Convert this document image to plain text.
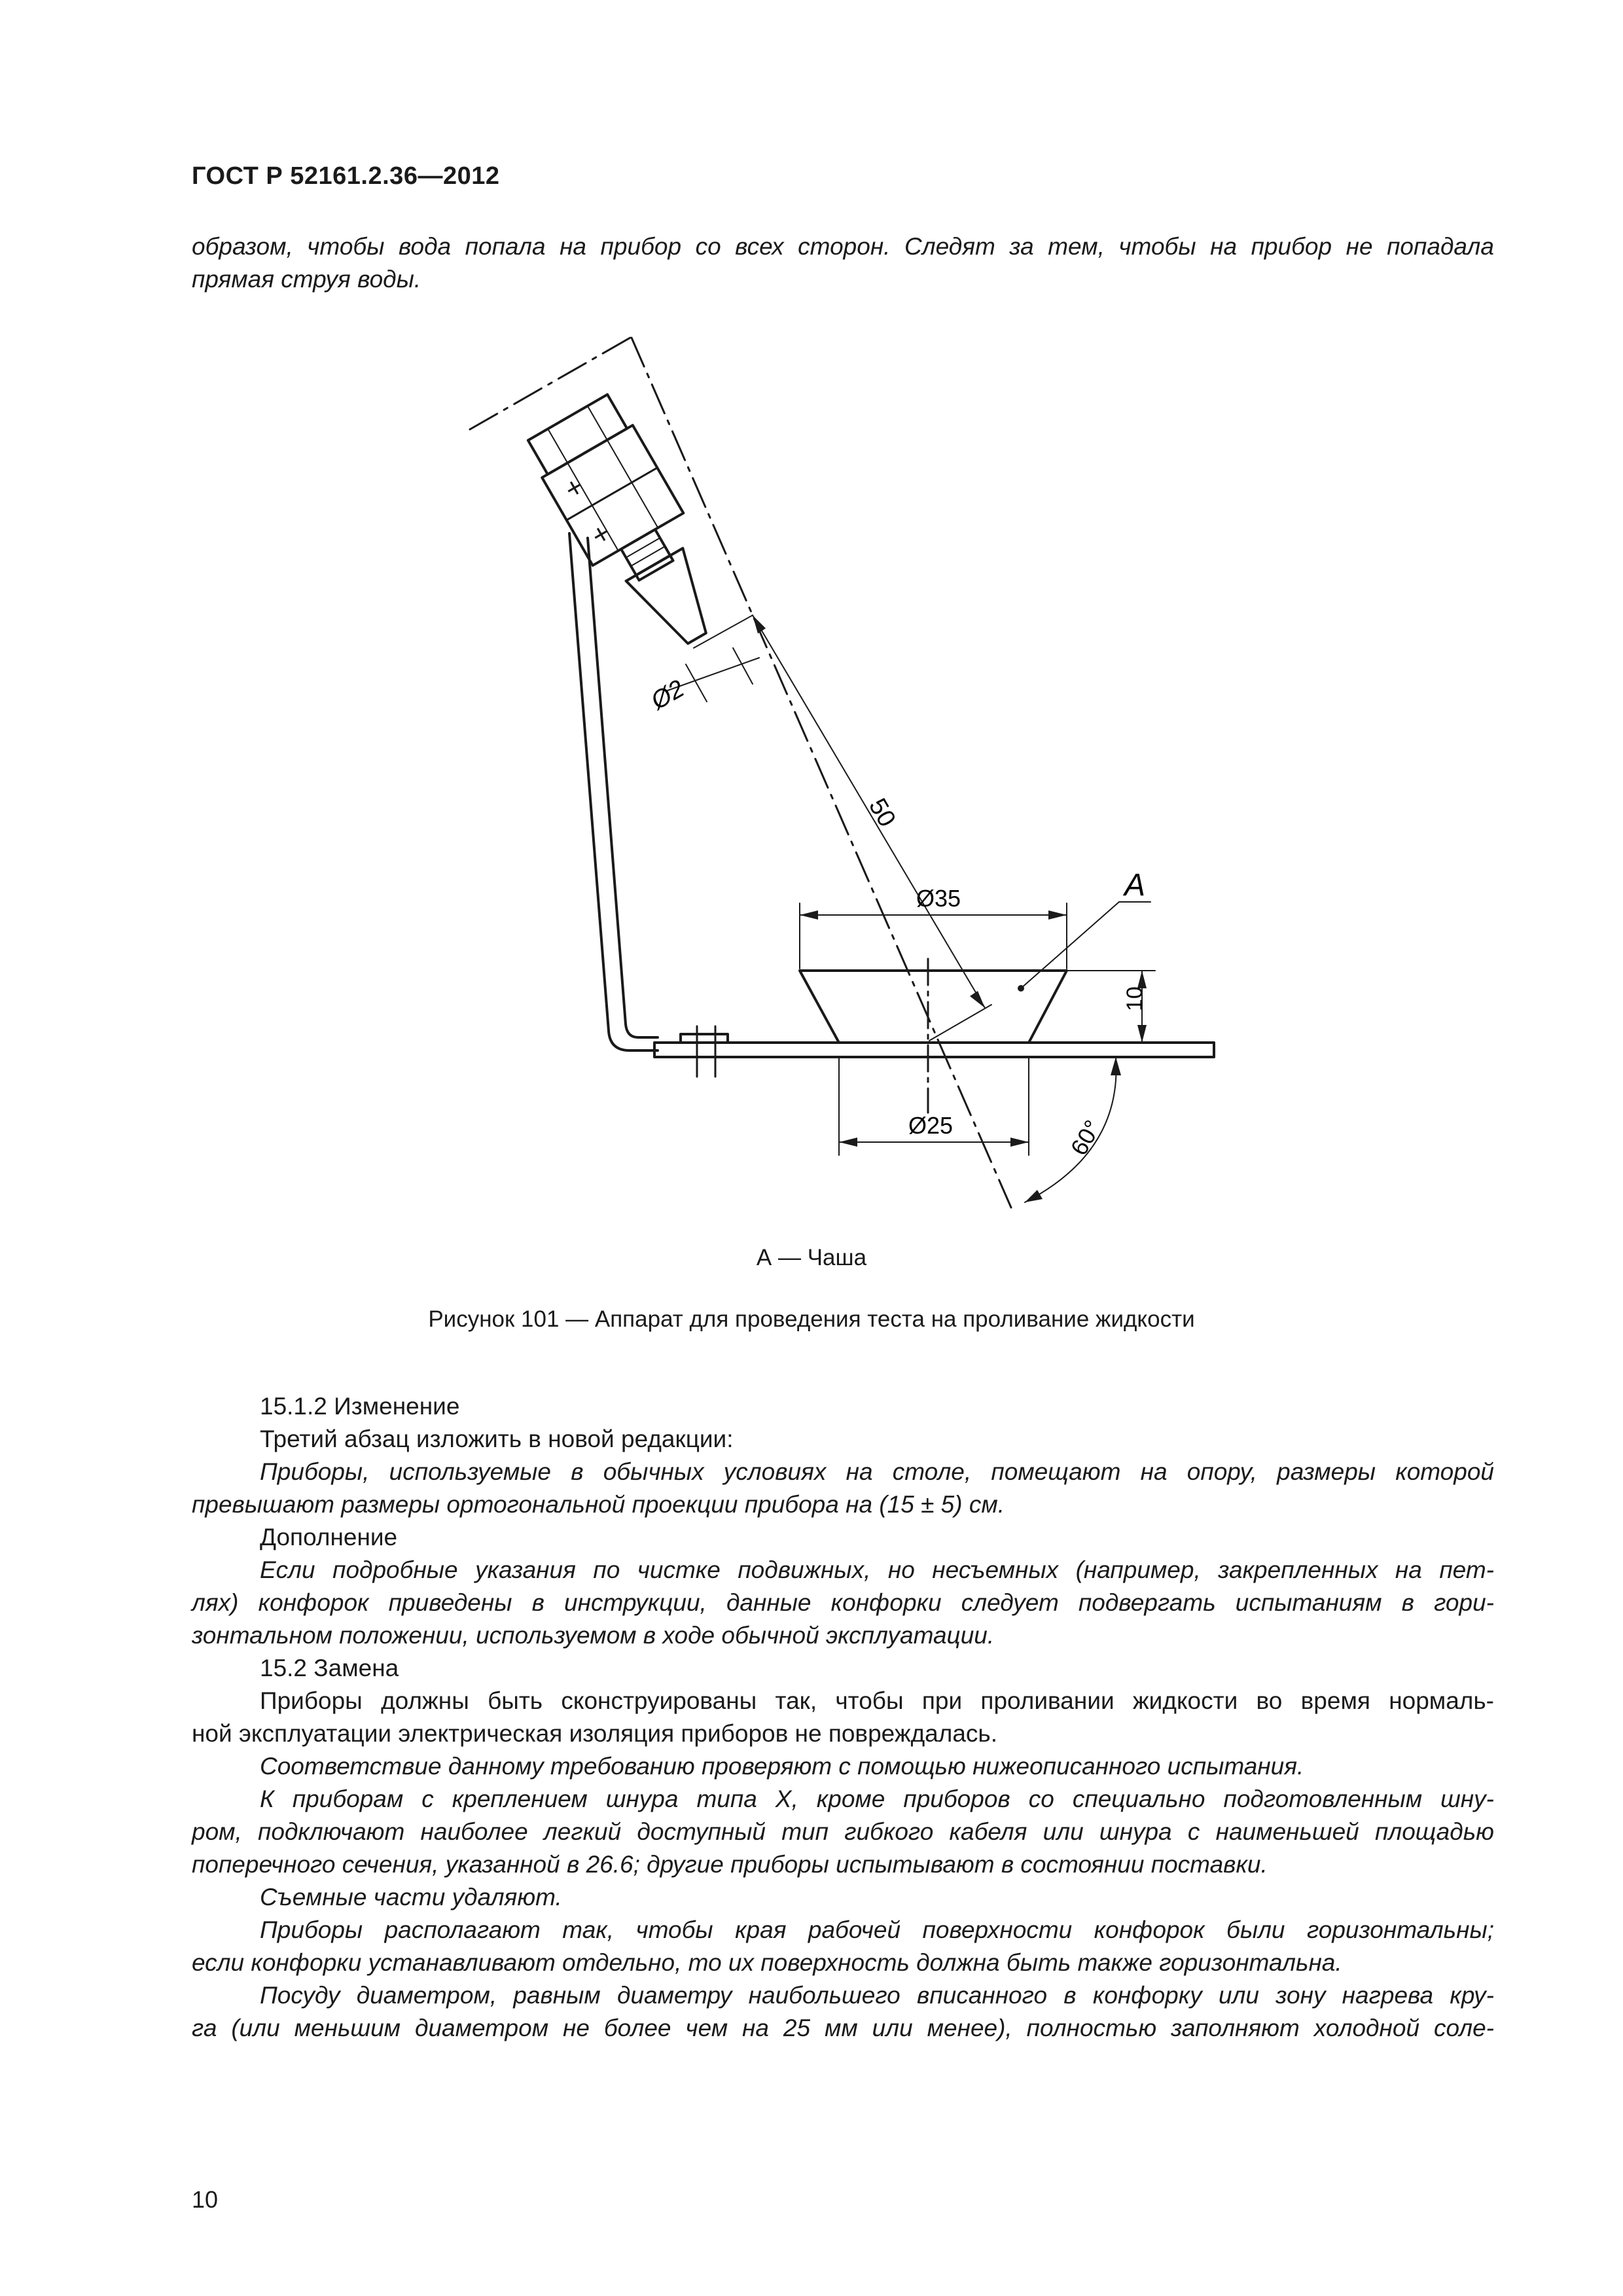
ГОСТ Р 52161.2.36—2012
образом, чтобы вода попала на прибор со всех сторон. Следят за тем, чтобы на прибор не попадала
прямая струя воды.
+
+
Ø2
50
Ø35
Ø25
10
60°
A
А — Чаша
Рисунок 101 — Аппарат для проведения теста на проливание жидкости
15.1.2 Изменение
Третий абзац изложить в новой редакции:
Приборы, используемые в обычных условиях на столе, помещают на опору, размеры которой
превышают размеры ортогональной проекции прибора на (15 ± 5) см.
Дополнение
Если подробные указания по чистке подвижных, но несъемных (например, закрепленных на пет-
лях) конфорок приведены в инструкции, данные конфорки следует подвергать испытаниям в гори-
зонтальном положении, используемом в ходе обычной эксплуатации.
15.2 Замена
Приборы должны быть сконструированы так, чтобы при проливании жидкости во время нормаль-
ной эксплуатации электрическая изоляция приборов не повреждалась.
Соответствие данному требованию проверяют с помощью нижеописанного испытания.
К приборам с креплением шнура типа X, кроме приборов со специально подготовленным шну-
ром, подключают наиболее легкий доступный тип гибкого кабеля или шнура с наименьшей площадью
поперечного сечения, указанной в 26.6; другие приборы испытывают в состоянии поставки.
Съемные части удаляют.
Приборы располагают так, чтобы края рабочей поверхности конфорок были горизонтальны;
если конфорки устанавливают отдельно, то их поверхность должна быть также горизонтальна.
Посуду диаметром, равным диаметру наибольшего вписанного в конфорку или зону нагрева кру-
га (или меньшим диаметром не более чем на 25 мм или менее), полностью заполняют холодной соле-
10
